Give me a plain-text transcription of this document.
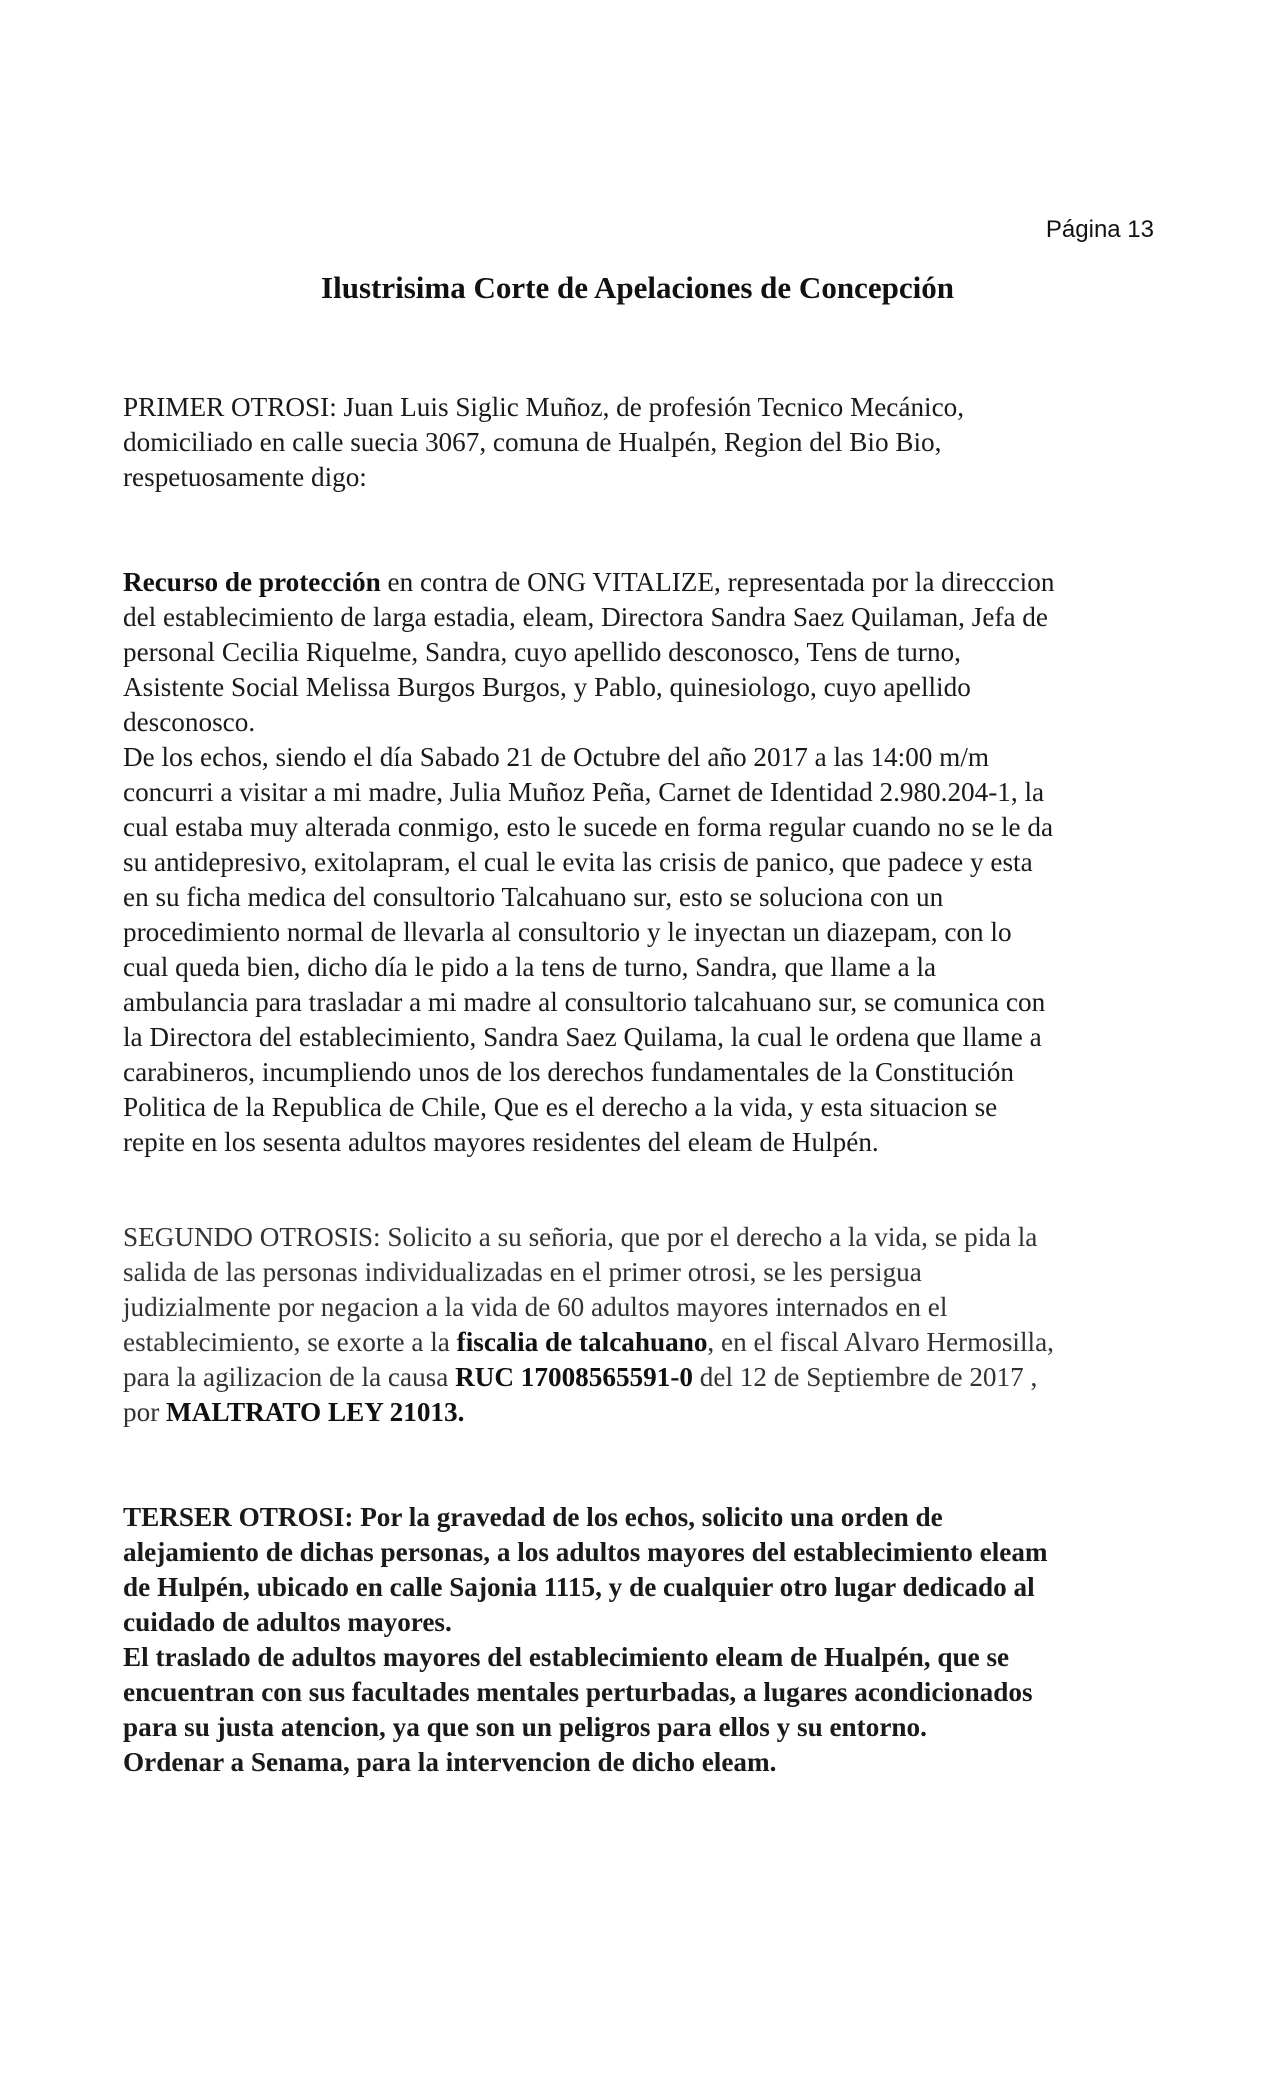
Página 13
Ilustrisima Corte de Apelaciones de Concepción

PRIMER OTROSI: Juan Luis Siglic Muñoz, de profesión Tecnico Mecánico,
domiciliado en calle suecia 3067, comuna de Hualpén, Region del Bio Bio,
respetuosamente digo:

Recurso de protección en contra de ONG VITALIZE, representada por la direcccion
del establecimiento de larga estadia, eleam, Directora Sandra Saez Quilaman, Jefa de
personal Cecilia Riquelme, Sandra, cuyo apellido desconosco, Tens de turno,
Asistente Social Melissa Burgos Burgos, y Pablo, quinesiologo, cuyo apellido
desconosco.
De los echos, siendo el día Sabado 21 de Octubre del año 2017 a las 14:00 m/m
concurri a visitar a mi madre, Julia Muñoz Peña, Carnet de Identidad 2.980.204-1, la
cual estaba muy alterada conmigo, esto le sucede en forma regular cuando no se le da
su antidepresivo, exitolapram, el cual le evita las crisis de panico, que padece y esta
en su ficha medica del consultorio Talcahuano sur, esto se soluciona con un
procedimiento normal de llevarla al consultorio y le inyectan un diazepam, con lo
cual queda bien, dicho día le pido a la tens de turno, Sandra, que llame a la
ambulancia para trasladar a mi madre al consultorio talcahuano sur, se comunica con
la Directora del establecimiento, Sandra Saez Quilama, la cual le ordena que llame a
carabineros, incumpliendo unos de los derechos fundamentales de la Constitución
Politica de la Republica de Chile, Que es el derecho a la vida, y esta situacion se
repite en los sesenta adultos mayores residentes del eleam de Hulpén.

SEGUNDO OTROSIS: Solicito a su señoria, que por el derecho a la vida, se pida la
salida de las personas individualizadas en el primer otrosi, se les persigua
judizialmente por negacion a la vida de 60 adultos mayores internados en el
establecimiento, se exorte a la fiscalia de talcahuano, en el fiscal Alvaro Hermosilla,
para la agilizacion de la causa RUC 17008565591-0 del 12 de Septiembre de 2017 ,
por MALTRATO LEY 21013.

TERSER OTROSI: Por la gravedad de los echos, solicito una orden de
alejamiento de dichas personas, a los adultos mayores del establecimiento eleam
de Hulpén, ubicado en calle Sajonia 1115, y de cualquier otro lugar dedicado al
cuidado de adultos mayores.
El traslado de adultos mayores del establecimiento eleam de Hualpén, que se
encuentran con sus facultades mentales perturbadas, a lugares acondicionados
para su justa atencion, ya que son un peligros para ellos y su entorno.
Ordenar a Senama, para la intervencion de dicho eleam.
